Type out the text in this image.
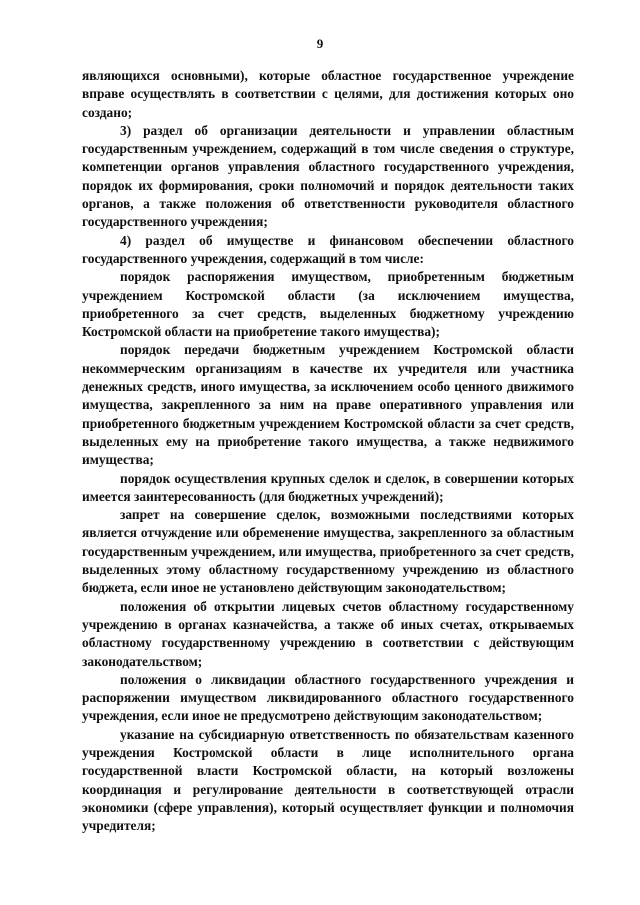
9

являющихся основными), которые областное государственное учреждение вправе осуществлять в соответствии с целями, для достижения которых оно создано;

3) раздел об организации деятельности и управлении областным государственным учреждением, содержащий в том числе сведения о структуре, компетенции органов управления областного государственного учреждения, порядок их формирования, сроки полномочий и порядок деятельности таких органов, а также положения об ответственности руководителя областного государственного учреждения;

4) раздел об имуществе и финансовом обеспечении областного государственного учреждения, содержащий в том числе:

порядок распоряжения имуществом, приобретенным бюджетным учреждением Костромской области (за исключением имущества, приобретенного за счет средств, выделенных бюджетному учреждению Костромской области на приобретение такого имущества);

порядок передачи бюджетным учреждением Костромской области некоммерческим организациям в качестве их учредителя или участника денежных средств, иного имущества, за исключением особо ценного движимого имущества, закрепленного за ним на праве оперативного управления или приобретенного бюджетным учреждением Костромской области за счет средств, выделенных ему на приобретение такого имущества, а также недвижимого имущества;

порядок осуществления крупных сделок и сделок, в совершении которых имеется заинтересованность (для бюджетных учреждений);

запрет на совершение сделок, возможными последствиями которых является отчуждение или обременение имущества, закрепленного за областным государственным учреждением, или имущества, приобретенного за счет средств, выделенных этому областному государственному учреждению из областного бюджета, если иное не установлено действующим законодательством;

положения об открытии лицевых счетов областному государственному учреждению в органах казначейства, а также об иных счетах, открываемых областному государственному учреждению в соответствии с действующим законодательством;

положения о ликвидации областного государственного учреждения и распоряжении имуществом ликвидированного областного государственного учреждения, если иное не предусмотрено действующим законодательством;

указание на субсидиарную ответственность по обязательствам казенного учреждения Костромской области в лице исполнительного органа государственной власти Костромской области, на который возложены координация и регулирование деятельности в соответствующей отрасли экономики (сфере управления), который осуществляет функции и полномочия учредителя;
